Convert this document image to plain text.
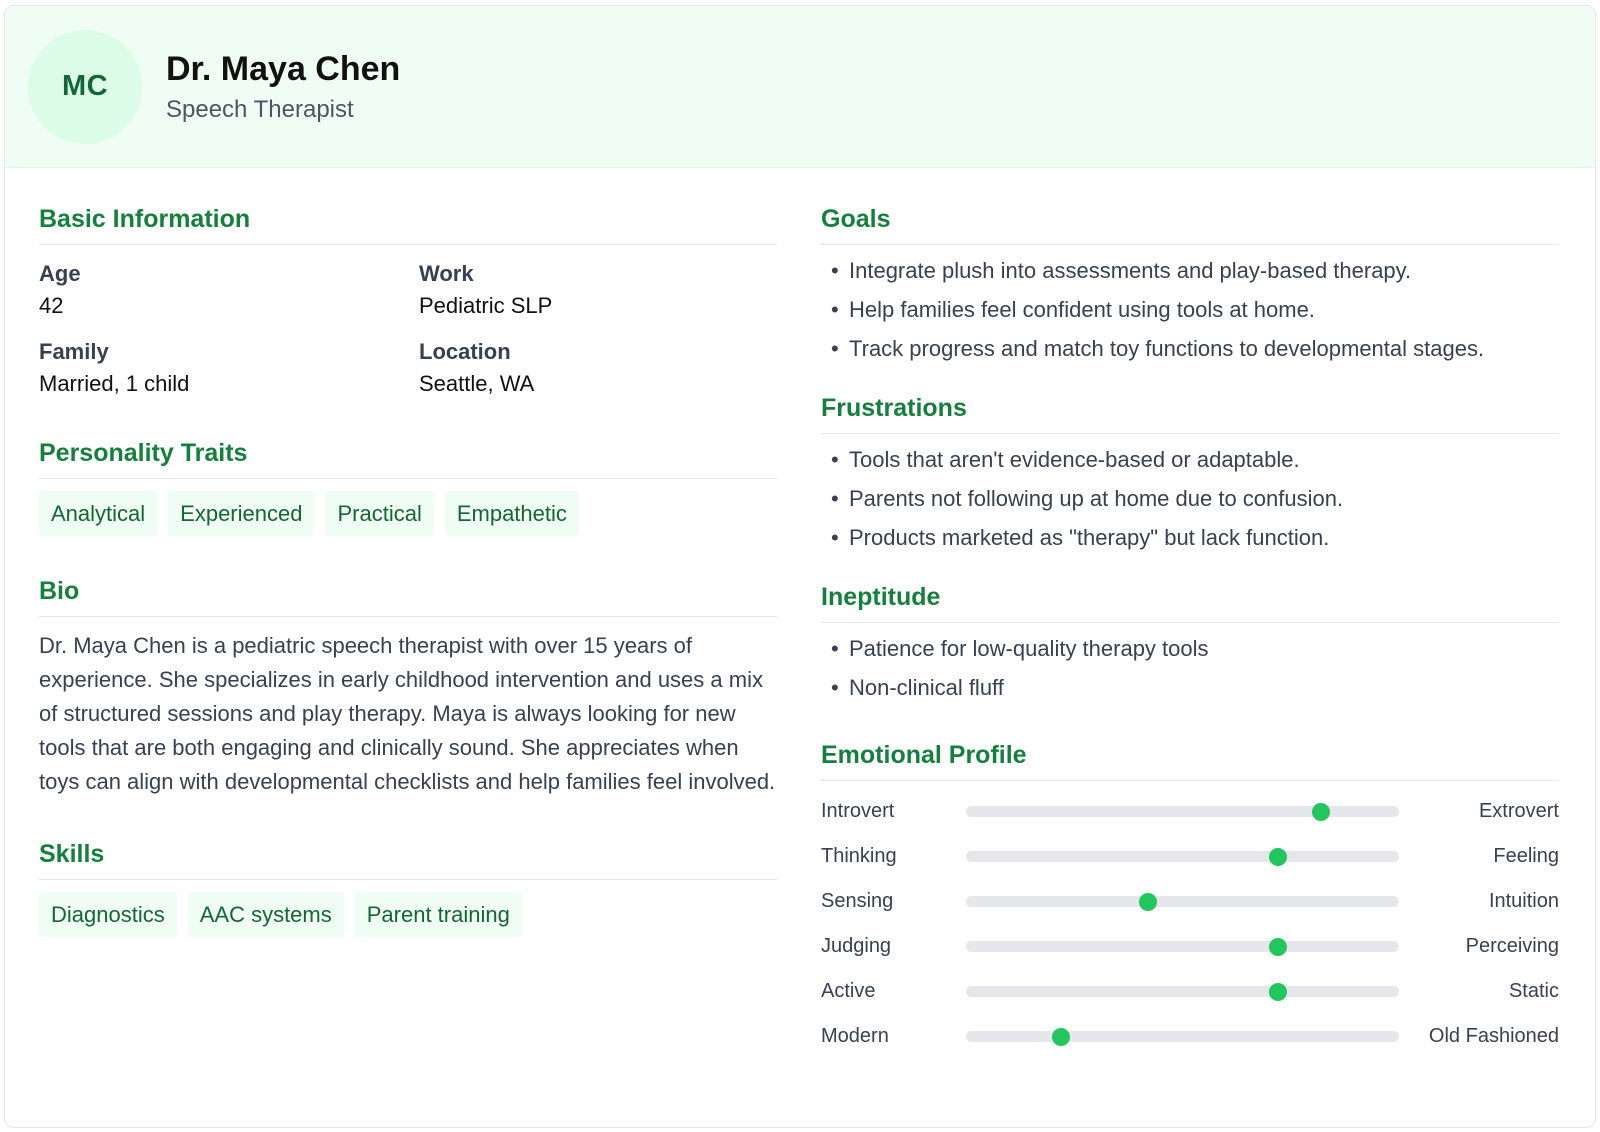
MC Dr. Maya Chen
Speech Therapist
Basic Information
Age
42
Work
Pediatric SLP
Family
Married, 1 child
Location
Seattle, WA
Personality Traits
Analytical	Experienced	Practical	Empathetic
Bio

Dr. Maya Chen is a pediatric speech therapist with over 15 years of experience. She specializes in early childhood intervention and uses a mix of structured sessions and play therapy. Maya is always looking for new tools that are both engaging and clinically sound. She appreciates when toys can align with developmental checklists and help families feel involved.

Skills
Diagnostics	AAC systems	Parent training
Goals
• Integrate plush into assessments and play-based therapy.
• Help families feel confident using tools at home.
• Track progress and match toy functions to developmental stages.
Frustrations
• Tools that aren't evidence-based or adaptable.
• Parents not following up at home due to confusion.
• Products marketed as "therapy" but lack function.
Ineptitude
• Patience for low-quality therapy tools
• Non-clinical fluff
Emotional Profile
Introvert	Extrovert
Thinking	Feeling
Sensing	Intuition
Judging	Perceiving
Active	Static
Modern	Old Fashioned
